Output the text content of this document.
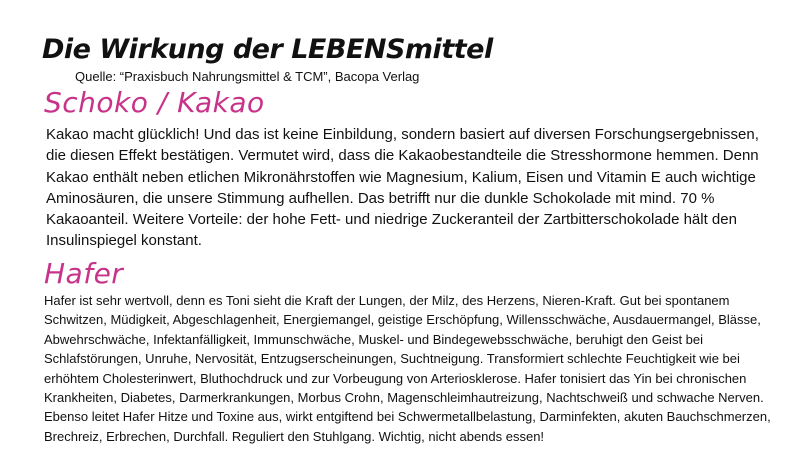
Die Wirkung der LEBENSmittel
Quelle: “Praxisbuch Nahrungsmittel & TCM”, Bacopa Verlag
Schoko / Kakao

Kakao macht glücklich! Und das ist keine Einbildung, sondern basiert auf diversen Forschungsergebnissen, die diesen Effekt bestätigen. Vermutet wird, dass die Kakaobestandteile die Stresshormone hemmen. Denn Kakao enthält neben etlichen Mikronährstoffen wie Magnesium, Kalium, Eisen und Vitamin E auch wichtige Aminosäuren, die unsere Stimmung aufhellen. Das betrifft nur die dunkle Schokolade mit mind. 70 % Kakaoanteil. Weitere Vorteile: der hohe Fett- und niedrige Zuckeranteil der Zartbitterschokolade hält den Insulinspiegel konstant.

Hafer

Hafer ist sehr wertvoll, denn es Toni sieht die Kraft der Lungen, der Milz, des Herzens, Nieren-Kraft. Gut bei spontanem Schwitzen, Müdigkeit, Abgeschlagenheit, Energiemangel, geistige Erschöpfung, Willensschwäche, Ausdauermangel, Blässe, Abwehrschwäche, Infektanfälligkeit, Immunschwäche, Muskel- und Bindegewebsschwäche, beruhigt den Geist bei Schlafstörungen, Unruhe, Nervosität, Entzugserscheinungen, Suchtneigung. Transformiert schlechte Feuchtigkeit wie bei erhöhtem Cholesterinwert, Bluthochdruck und zur Vorbeugung von Arteriosklerose. Hafer tonisiert das Yin bei chronischen Krankheiten, Diabetes, Darmerkrankungen, Morbus Crohn, Magenschleimhautreizung, Nachtschweiß und schwache Nerven. Ebenso leitet Hafer Hitze und Toxine aus, wirkt entgiftend bei Schwermetallbelastung, Darminfekten, akuten Bauchschmerzen, Brechreiz, Erbrechen, Durchfall. Reguliert den Stuhlgang. Wichtig, nicht abends essen!
